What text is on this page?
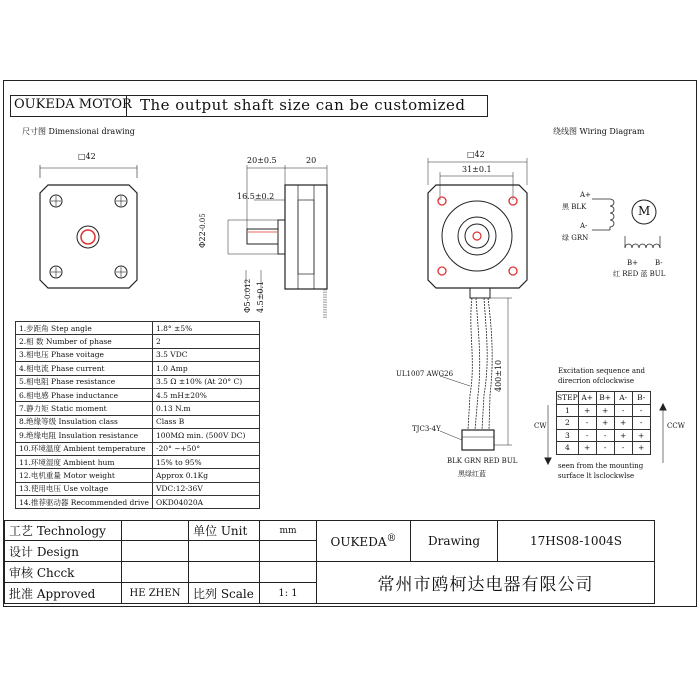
OUKEDA MOTOR The output shaft size can be customized
尺寸图 Dimensionai drawing	绕线图 Wiring Diagram
□42	20±0.5	20
16.5±0.2
Φ22-0.05
Φ5-0.012 4.5±0.1
□42
31±0.1
UL1007 AWG26
TJC3-4Y
400±10
BLK GRN RED BUL
黑绿红蓝
A+
黑 BLK
A-
绿 GRN
M
B+ B-
红 RED 蓝 BUL
1.步距角 Step angle	1.8° ±5%
2.相 数 Number of phase	2
3.相电压 Phase voitage	3.5 VDC
4.相电流 Phase current	1.0 Amp
5.相电阻 Phase resistance	3.5 Ω ±10% (At 20° C)
6.相电感 Phase inductance	4.5 mH±20%
7.静力矩 Static moment	0.13 N.m
8.绝缘等级 Insulation class	Class B
9.绝缘电阻 Insulation resistance	100MΩ min. (500V DC)
10.环境温度 Ambient temperature	-20° ~+50°
11.环境湿度 Ambient hum	15% to 95%
12.电机重量 Motor weight	Approx 0.1Kg
13.使用电压 Use voltage	VDC:12-36V
14.推荐驱动器 Recommended drive	OKD04020A
Excitation sequence and
direcrion ofclockwise
STEP	A+	B+	A-	B-
1	+	+	-	-
2	-	+	+	-
3	-	-	+	+
4	+	-	-	+
CW	CCW
seen from the mounting
surface lt lsclockwlse
工艺 Technology		单位 Unit	mm	OUKEDA®	Drawing	17HS08-1004S
设计 Design						
审核 Chcck				常州市鸥柯达电器有限公司		
批准 Approved	HE ZHEN	比列 Scale	1: 1			
